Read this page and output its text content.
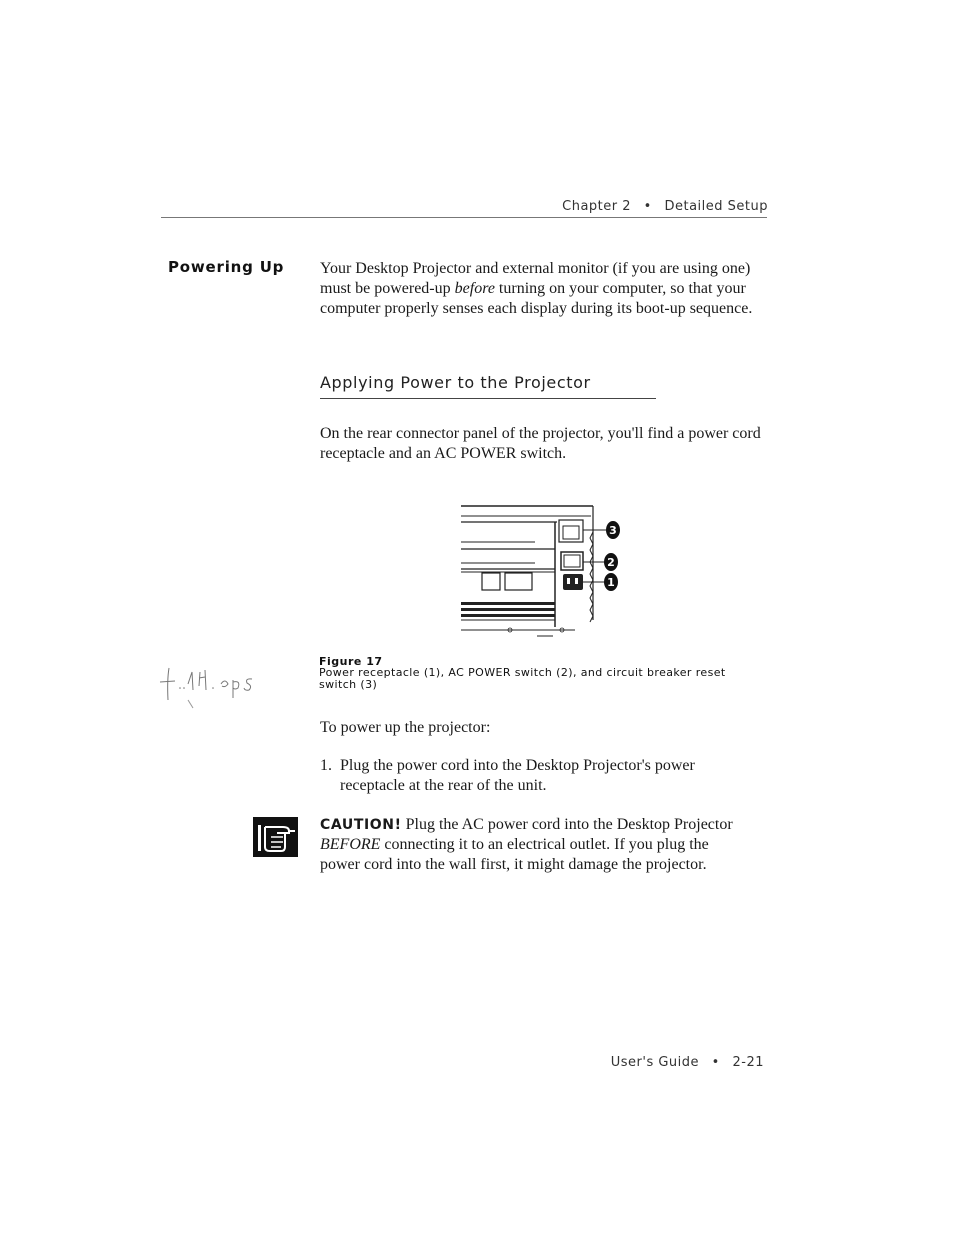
Chapter 2 • Detailed Setup
Powering Up Your Desktop Projector and external monitor (if you are using one) must be powered-up before turning on your computer, so that your computer properly senses each display during its boot-up sequence.
Applying Power to the Projector
On the rear connector panel of the projector, you'll find a power cord receptacle and an AC POWER switch.
3
2
1
Figure 17
Power receptacle (1), AC POWER switch (2), and circuit breaker reset switch (3)
To power up the projector:
1. Plug the power cord into the Desktop Projector's power receptacle at the rear of the unit.
CAUTION! Plug the AC power cord into the Desktop Projector BEFORE connecting it to an electrical outlet. If you plug the power cord into the wall first, it might damage the projector.
User's Guide • 2-21
